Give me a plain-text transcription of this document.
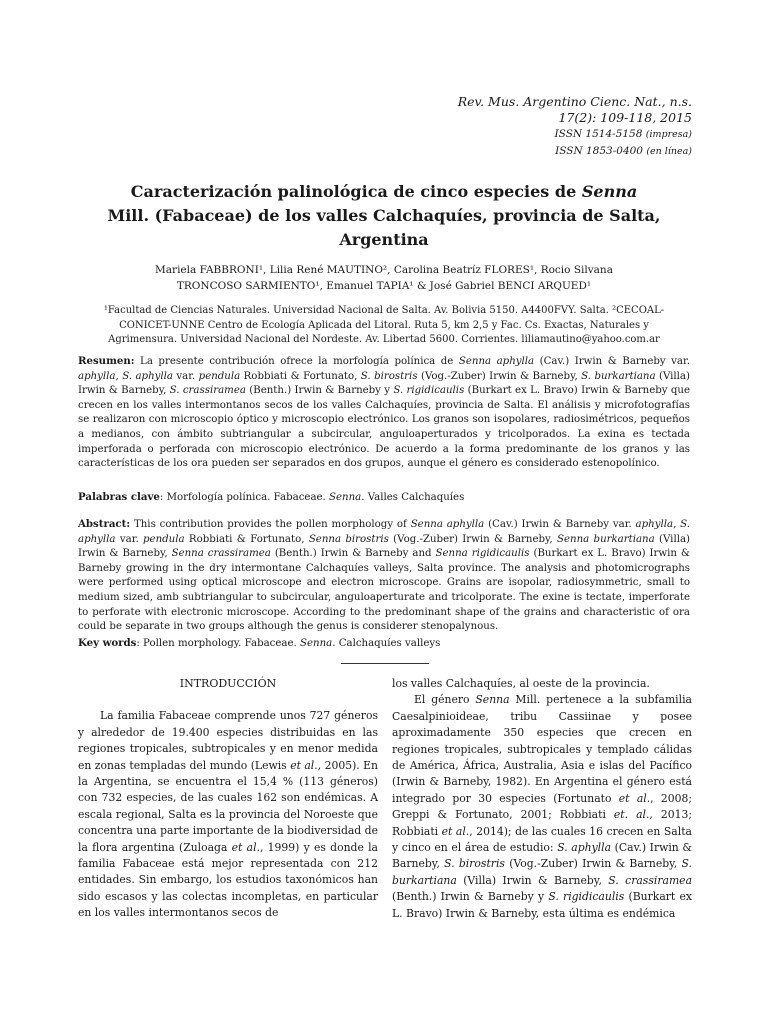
Rev. Mus. Argentino Cienc. Nat., n.s.
17(2): 109-118, 2015
ISSN 1514-5158 (impresa)
ISSN 1853-0400 (en línea)
Caracterización palinológica de cinco especies de Senna
Mill. (Fabaceae) de los valles Calchaquíes, provincia de Salta,
Argentina
Mariela FABBRONI¹, Lilia René MAUTINO², Carolina Beatríz FLORES¹, Rocio Silvana
TRONCOSO SARMIENTO¹, Emanuel TAPIA¹ & José Gabriel BENCI ARQUED¹
¹Facultad de Ciencias Naturales. Universidad Nacional de Salta. Av. Bolivia 5150. A4400FVY. Salta. ²CECOAL-
CONICET-UNNE Centro de Ecología Aplicada del Litoral. Ruta 5, km 2,5 y Fac. Cs. Exactas, Naturales y
Agrimensura. Universidad Nacional del Nordeste. Av. Libertad 5600. Corrientes. liliamautino@yahoo.com.ar
Resumen: La presente contribución ofrece la morfología polínica de Senna aphylla (Cav.) Irwin & Barneby var. aphylla, S. aphylla var. pendula Robbiati & Fortunato, S. birostris (Vog.-Zuber) Irwin & Barneby, S. burkartiana (Villa) Irwin & Barneby, S. crassiramea (Benth.) Irwin & Barneby y S. rigidicaulis (Burkart ex L. Bravo) Irwin & Barneby que crecen en los valles intermontanos secos de los valles Calchaquíes, provincia de Salta. El análisis y microfotografías se realizaron con microscopio óptico y microscopio electrónico. Los granos son isopolares, radiosimétricos, pequeños a medianos, con ámbito subtriangular a subcircular, anguloaperturados y tricolporados. La exina es tectada imperforada o perforada con microscopio electrónico. De acuerdo a la forma predominante de los granos y las características de los ora pueden ser separados en dos grupos, aunque el género es considerado estenopolínico.
Palabras clave: Morfología polínica. Fabaceae. Senna. Valles Calchaquíes
Abstract: This contribution provides the pollen morphology of Senna aphylla (Cav.) Irwin & Barneby var. aphylla, S. aphylla var. pendula Robbiati & Fortunato, Senna birostris (Vog.-Zuber) Irwin & Barneby, Senna burkartiana (Villa) Irwin & Barneby, Senna crassiramea (Benth.) Irwin & Barneby and Senna rigidicaulis (Burkart ex L. Bravo) Irwin & Barneby growing in the dry intermontane Calchaquíes valleys, Salta province. The analysis and photomicrographs were performed using optical microscope and electron microscope. Grains are isopolar, radiosymmetric, small to medium sized, amb subtriangular to subcircular, anguloaperturate and tricolporate. The exine is tectate, imperforate to perforate with electronic microscope. According to the predominant shape of the grains and characteristic of ora could be separate in two groups although the genus is considerer stenopalynous.
Key words: Pollen morphology. Fabaceae. Senna. Calchaquíes valleys
INTRODUCCIÓN

La familia Fabaceae comprende unos 727 géneros y alrededor de 19.400 especies distribuidas en las regiones tropicales, subtropicales y en menor medida en zonas templadas del mundo (Lewis et al., 2005). En la Argentina, se encuentra el 15,4 % (113 géneros) con 732 especies, de las cuales 162 son endémicas. A escala regional, Salta es la provincia del Noroeste que concentra una parte importante de la biodiversidad de la flora argentina (Zuloaga et al., 1999) y es donde la familia Fabaceae está mejor representada con 212 entidades. Sin embargo, los estudios taxonómicos han sido escasos y las colectas incompletas, en particular en los valles intermontanos secos de

los valles Calchaquíes, al oeste de la provincia.

El género Senna Mill. pertenece a la subfamilia Caesalpinioideae, tribu Cassiinae y posee aproximadamente 350 especies que crecen en regiones tropicales, subtropicales y templado cálidas de América, África, Australia, Asia e islas del Pacífico (Irwin & Barneby, 1982). En Argentina el género está integrado por 30 especies (Fortunato et al., 2008; Greppi & Fortunato, 2001; Robbiati et. al., 2013; Robbiati et al., 2014); de las cuales 16 crecen en Salta y cinco en el área de estudio: S. aphylla (Cav.) Irwin & Barneby, S. birostris (Vog.-Zuber) Irwin & Barneby, S. burkartiana (Villa) Irwin & Barneby, S. crassiramea (Benth.) Irwin & Barneby y S. rigidicaulis (Burkart ex L. Bravo) Irwin & Barneby, esta última es endémica
